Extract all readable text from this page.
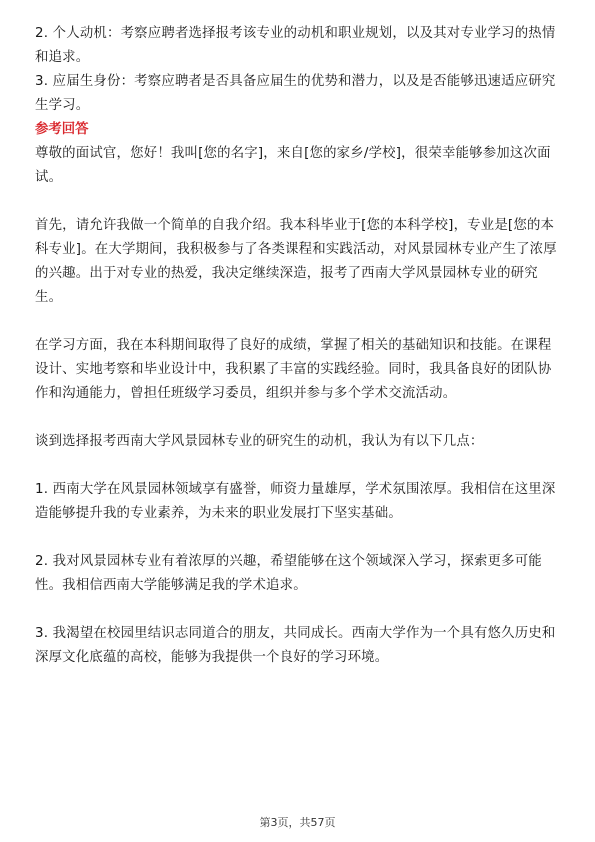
2. 个人动机：考察应聘者选择报考该专业的动机和职业规划，以及其对专业学习的热情和追求。

3. 应届生身份：考察应聘者是否具备应届生的优势和潜力，以及是否能够迅速适应研究生学习。

参考回答

尊敬的面试官，您好！我叫[您的名字]，来自[您的家乡/学校]，很荣幸能够参加这次面试。

首先，请允许我做一个简单的自我介绍。我本科毕业于[您的本科学校]，专业是[您的本科专业]。在大学期间，我积极参与了各类课程和实践活动，对风景园林专业产生了浓厚的兴趣。出于对专业的热爱，我决定继续深造，报考了西南大学风景园林专业的研究生。

在学习方面，我在本科期间取得了良好的成绩，掌握了相关的基础知识和技能。在课程设计、实地考察和毕业设计中，我积累了丰富的实践经验。同时，我具备良好的团队协作和沟通能力，曾担任班级学习委员，组织并参与多个学术交流活动。

谈到选择报考西南大学风景园林专业的研究生的动机，我认为有以下几点：

1. 西南大学在风景园林领域享有盛誉，师资力量雄厚，学术氛围浓厚。我相信在这里深造能够提升我的专业素养，为未来的职业发展打下坚实基础。

2. 我对风景园林专业有着浓厚的兴趣，希望能够在这个领域深入学习，探索更多可能性。我相信西南大学能够满足我的学术追求。

3. 我渴望在校园里结识志同道合的朋友，共同成长。西南大学作为一个具有悠久历史和深厚文化底蕴的高校，能够为我提供一个良好的学习环境。

第3页，共57页
